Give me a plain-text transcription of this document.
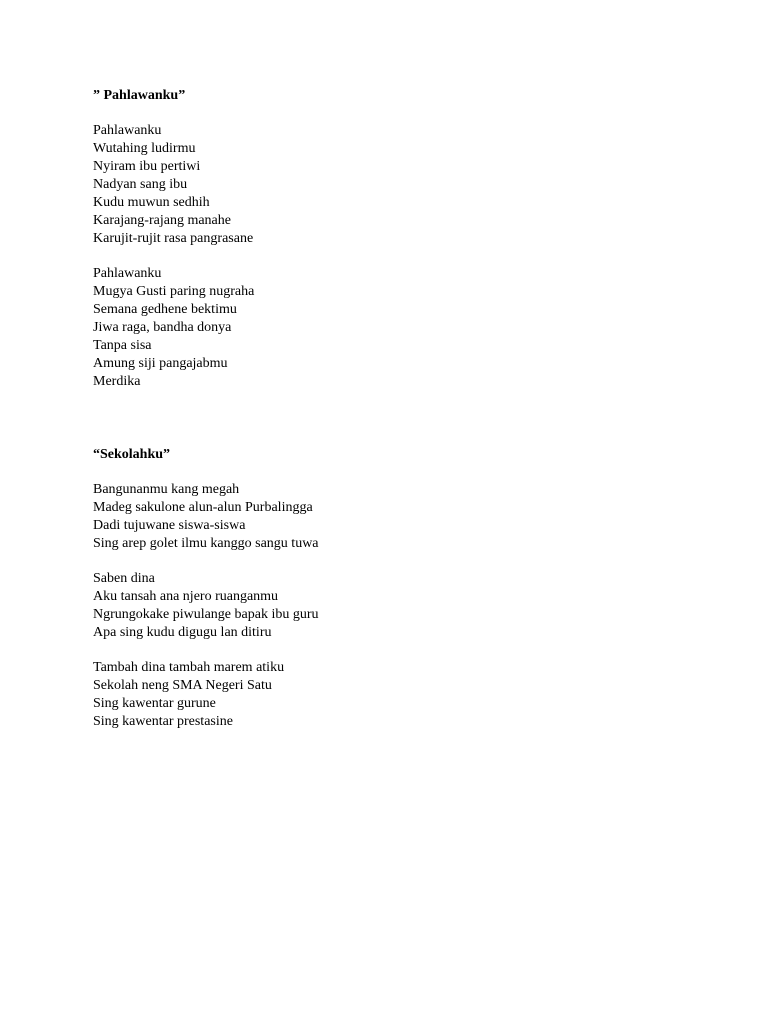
” Pahlawanku”
Pahlawanku
Wutahing ludirmu
Nyiram ibu pertiwi
Nadyan sang ibu
Kudu muwun sedhih
Karajang-rajang manahe
Karujit-rujit rasa pangrasane
Pahlawanku
Mugya Gusti paring nugraha
Semana gedhene bektimu
Jiwa raga, bandha donya
Tanpa sisa
Amung siji pangajabmu
Merdika
“Sekolahku”
Bangunanmu kang megah
Madeg sakulone alun-alun Purbalingga
Dadi tujuwane siswa-siswa
Sing arep golet ilmu kanggo sangu tuwa
Saben dina
Aku tansah ana njero ruanganmu
Ngrungokake piwulange bapak ibu guru
Apa sing kudu digugu lan ditiru
Tambah dina tambah marem atiku
Sekolah neng SMA Negeri Satu
Sing kawentar gurune
Sing kawentar prestasine
